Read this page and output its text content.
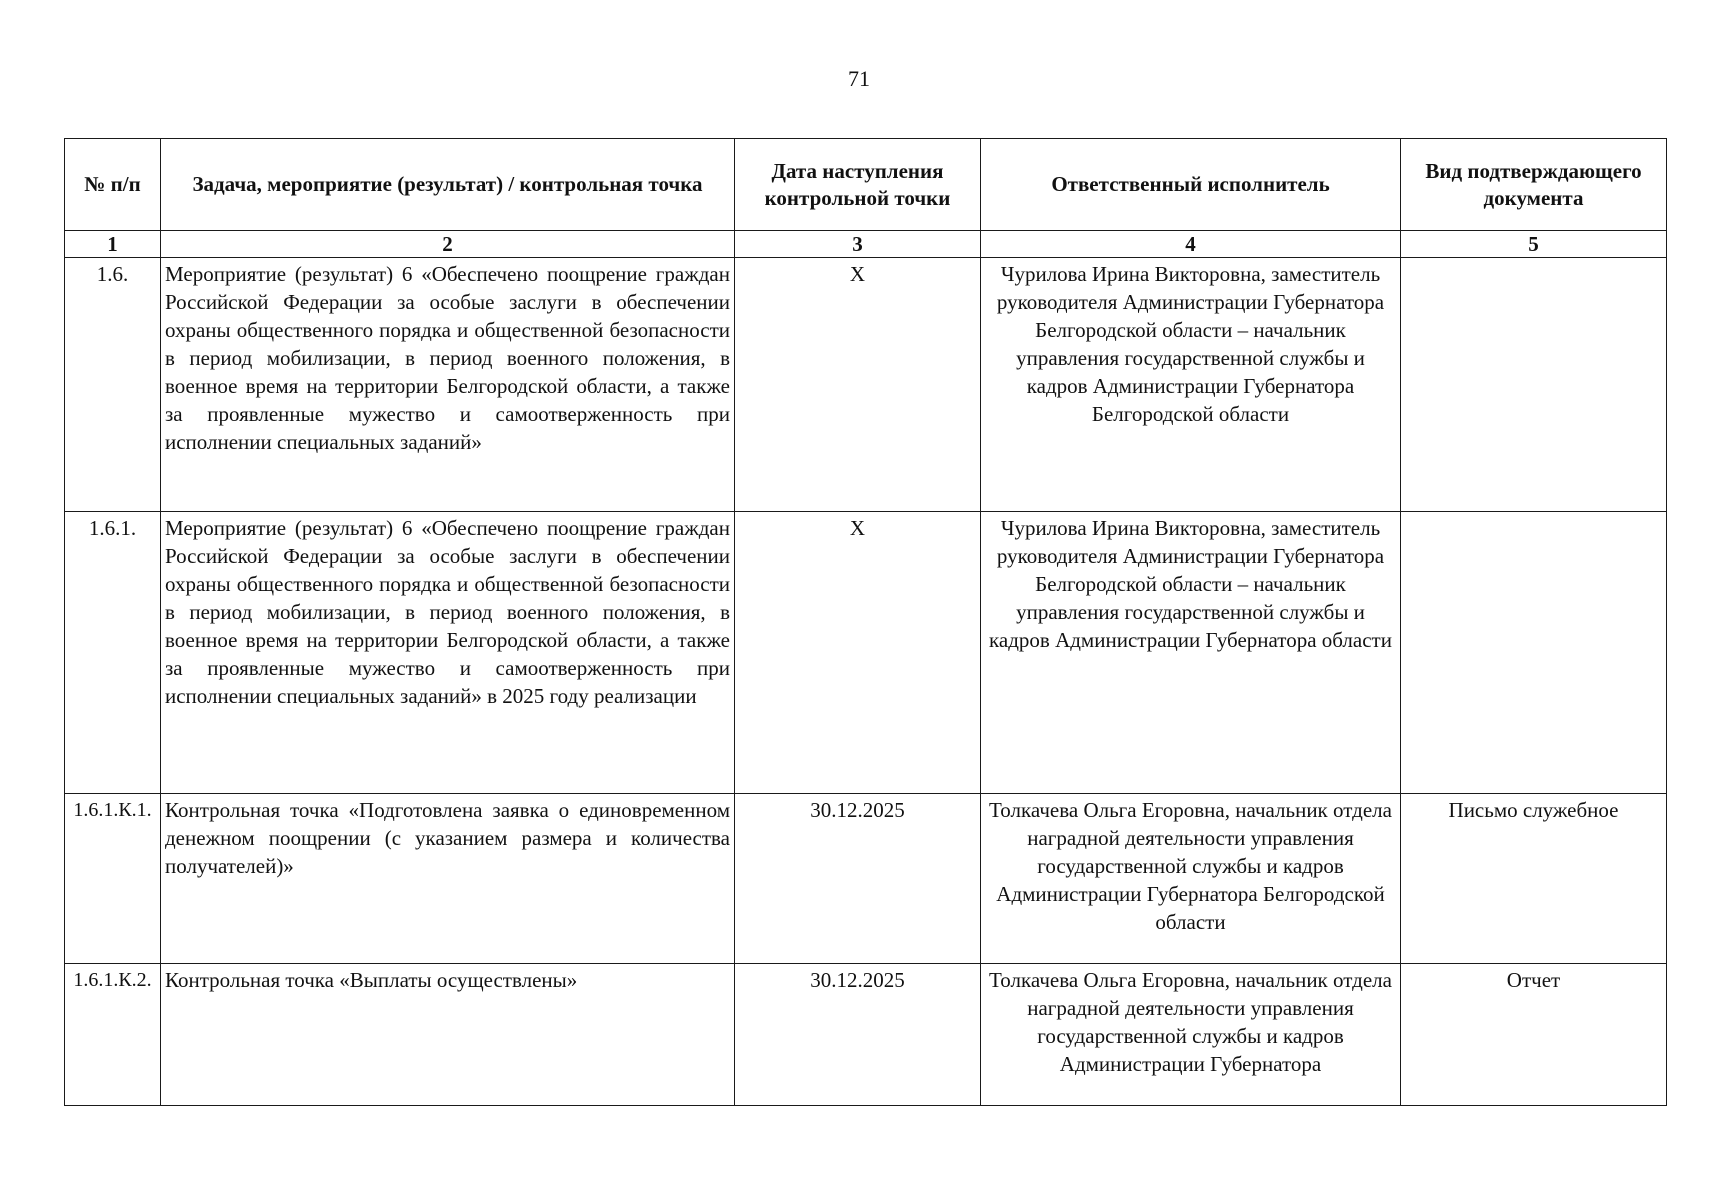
71
№ п/п	Задача, мероприятие (результат) / контрольная точка	Дата наступления контрольной точки	Ответственный исполнитель	Вид подтверждающего документа
1	2	3	4	5
1.6.	Мероприятие (результат) 6 «Обеспечено поощрение граждан Российской Федерации за особые заслуги в обеспечении охраны общественного порядка и общественной безопасности в период мобилизации, в период военного положения, в военное время на территории Белгородской области, а также за проявленные мужество и самоотверженность при исполнении специальных заданий»	X	Чурилова Ирина Викторовна, заместитель руководителя Администрации Губернатора Белгородской области – начальник управления государственной службы и кадров Администрации Губернатора Белгородской области	
1.6.1.	Мероприятие (результат) 6 «Обеспечено поощрение граждан Российской Федерации за особые заслуги в обеспечении охраны общественного порядка и общественной безопасности в период мобилизации, в период военного положения, в военное время на территории Белгородской области, а также за проявленные мужество и самоотверженность при исполнении специальных заданий» в 2025 году реализации	X	Чурилова Ирина Викторовна, заместитель руководителя Администрации Губернатора Белгородской области – начальник управления государственной службы и кадров Администрации Губернатора области	
1.6.1.К.1.	Контрольная точка «Подготовлена заявка о единовременном денежном поощрении (с указанием размера и количества получателей)»	30.12.2025	Толкачева Ольга Егоровна, начальник отдела наградной деятельности управления государственной службы и кадров Администрации Губернатора Белгородской области	Письмо служебное
1.6.1.К.2.	Контрольная точка «Выплаты осуществлены»	30.12.2025	Толкачева Ольга Егоровна, начальник отдела наградной деятельности управления государственной службы и кадров Администрации Губернатора	Отчет
